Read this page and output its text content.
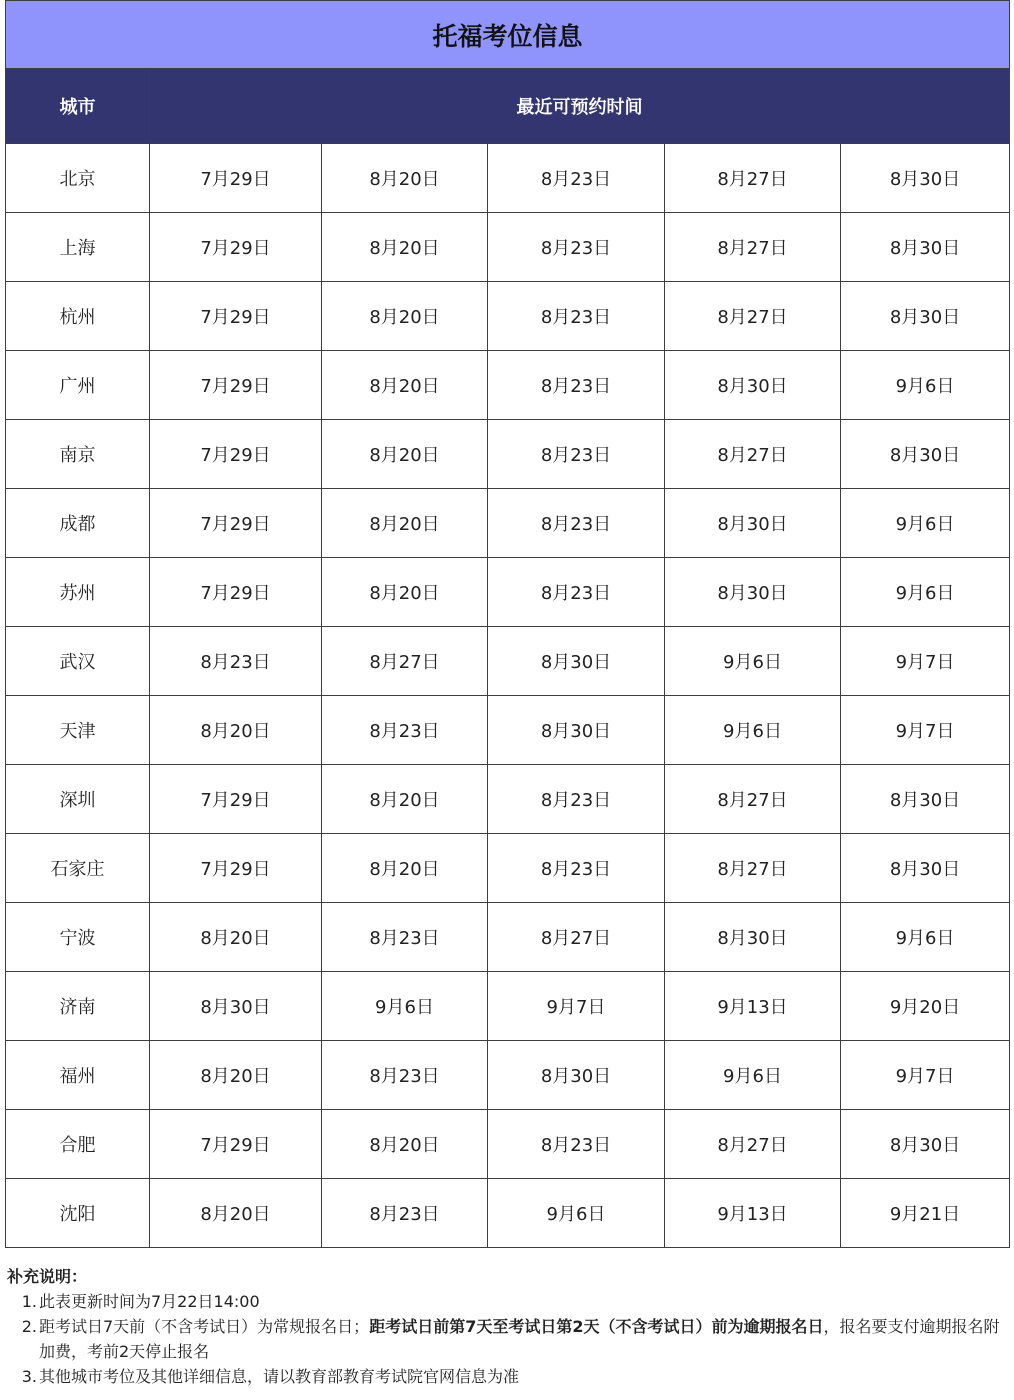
托福考位信息					
城市	最近可预约时间				
北京	7月29日	8月20日	8月23日	8月27日	8月30日
上海	7月29日	8月20日	8月23日	8月27日	8月30日
杭州	7月29日	8月20日	8月23日	8月27日	8月30日
广州	7月29日	8月20日	8月23日	8月30日	9月6日
南京	7月29日	8月20日	8月23日	8月27日	8月30日
成都	7月29日	8月20日	8月23日	8月30日	9月6日
苏州	7月29日	8月20日	8月23日	8月30日	9月6日
武汉	8月23日	8月27日	8月30日	9月6日	9月7日
天津	8月20日	8月23日	8月30日	9月6日	9月7日
深圳	7月29日	8月20日	8月23日	8月27日	8月30日
石家庄	7月29日	8月20日	8月23日	8月27日	8月30日
宁波	8月20日	8月23日	8月27日	8月30日	9月6日
济南	8月30日	9月6日	9月7日	9月13日	9月20日
福州	8月20日	8月23日	8月30日	9月6日	9月7日
合肥	7月29日	8月20日	8月23日	8月27日	8月30日
沈阳	8月20日	8月23日	9月6日	9月13日	9月21日
补充说明：
1. 此表更新时间为7月22日14:00
2. 距考试日7天前（不含考试日）为常规报名日；距考试日前第7天至考试日第2天（不含考试日）前为逾期报名日，报名要支付逾期报名附加费，考前2天停止报名
3. 其他城市考位及其他详细信息，请以教育部教育考试院官网信息为准
